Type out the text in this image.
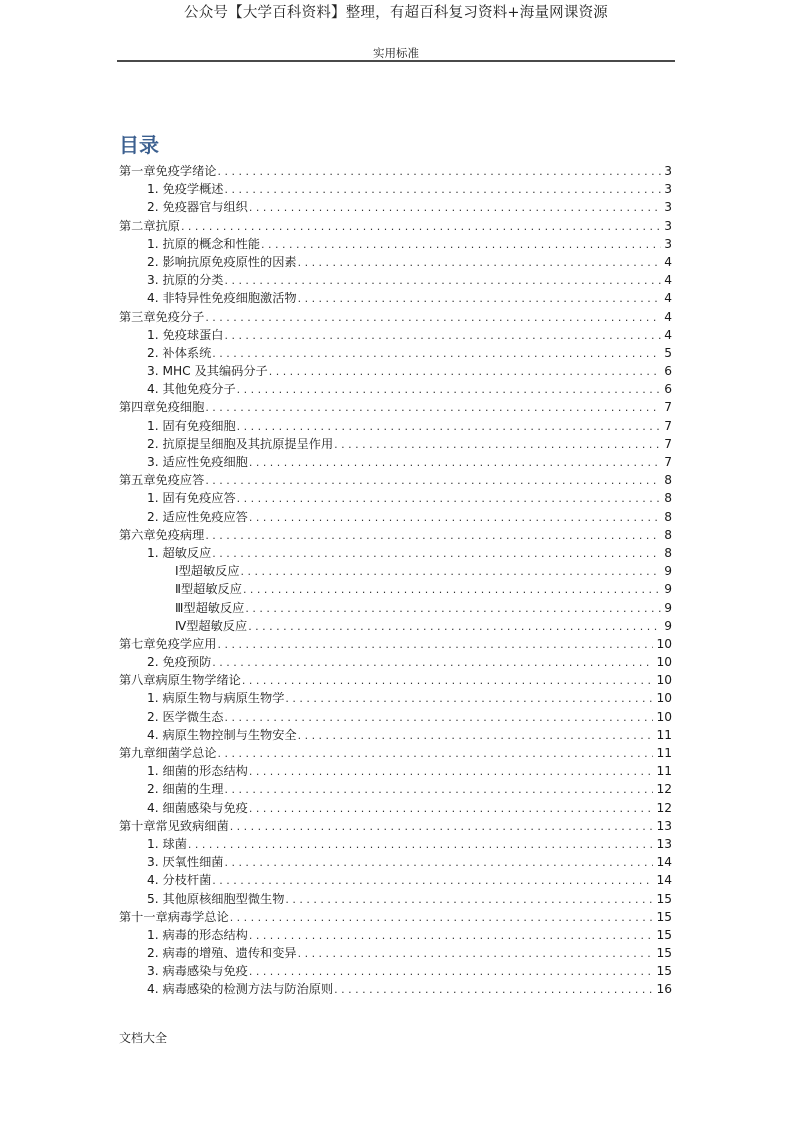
公众号【大学百科资料】整理，有超百科复习资料+海量网课资源
实用标准
目录
第一章免疫学绪论 . . .	3
1. 免疫学概述 . . .	3
2. 免疫器官与组织 . . .	3
第二章抗原 . . .	3
1. 抗原的概念和性能 . . .	3
2. 影响抗原免疫原性的因素 . . .	4
3. 抗原的分类 . . .	4
4. 非特异性免疫细胞激活物 . . .	4
第三章免疫分子 . . .	4
1. 免疫球蛋白 . . .	4
2. 补体系统 . . .	5
3. MHC 及其编码分子 . . .	6
4. 其他免疫分子 . . .	6
第四章免疫细胞 . . .	7
1. 固有免疫细胞 . . .	7
2. 抗原提呈细胞及其抗原提呈作用 . . .	7
3. 适应性免疫细胞 . . .	7
第五章免疫应答 . . .	8
1. 固有免疫应答 . . .	8
2. 适应性免疫应答 . . .	8
第六章免疫病理 . . .	8
1. 超敏反应 . . .	8
Ⅰ型超敏反应 . . .	9
Ⅱ型超敏反应 . . .	9
Ⅲ型超敏反应 . . .	9
Ⅳ型超敏反应 . . .	9
第七章免疫学应用 . . .	10
2. 免疫预防 . . .	10
第八章病原生物学绪论 . . .	10
1. 病原生物与病原生物学 . . .	10
2. 医学微生态 . . .	10
4. 病原生物控制与生物安全 . . .	11
第九章细菌学总论 . . .	11
1. 细菌的形态结构 . . .	11
2. 细菌的生理 . . .	12
4. 细菌感染与免疫 . . .	12
第十章常见致病细菌 . . .	13
1. 球菌 . . .	13
3. 厌氧性细菌 . . .	14
4. 分枝杆菌 . . .	14
5. 其他原核细胞型微生物 . . .	15
第十一章病毒学总论 . . .	15
1. 病毒的形态结构 . . .	15
2. 病毒的增殖、遗传和变异 . . .	15
3. 病毒感染与免疫 . . .	15
4. 病毒感染的检测方法与防治原则 . . .	16
文档大全
